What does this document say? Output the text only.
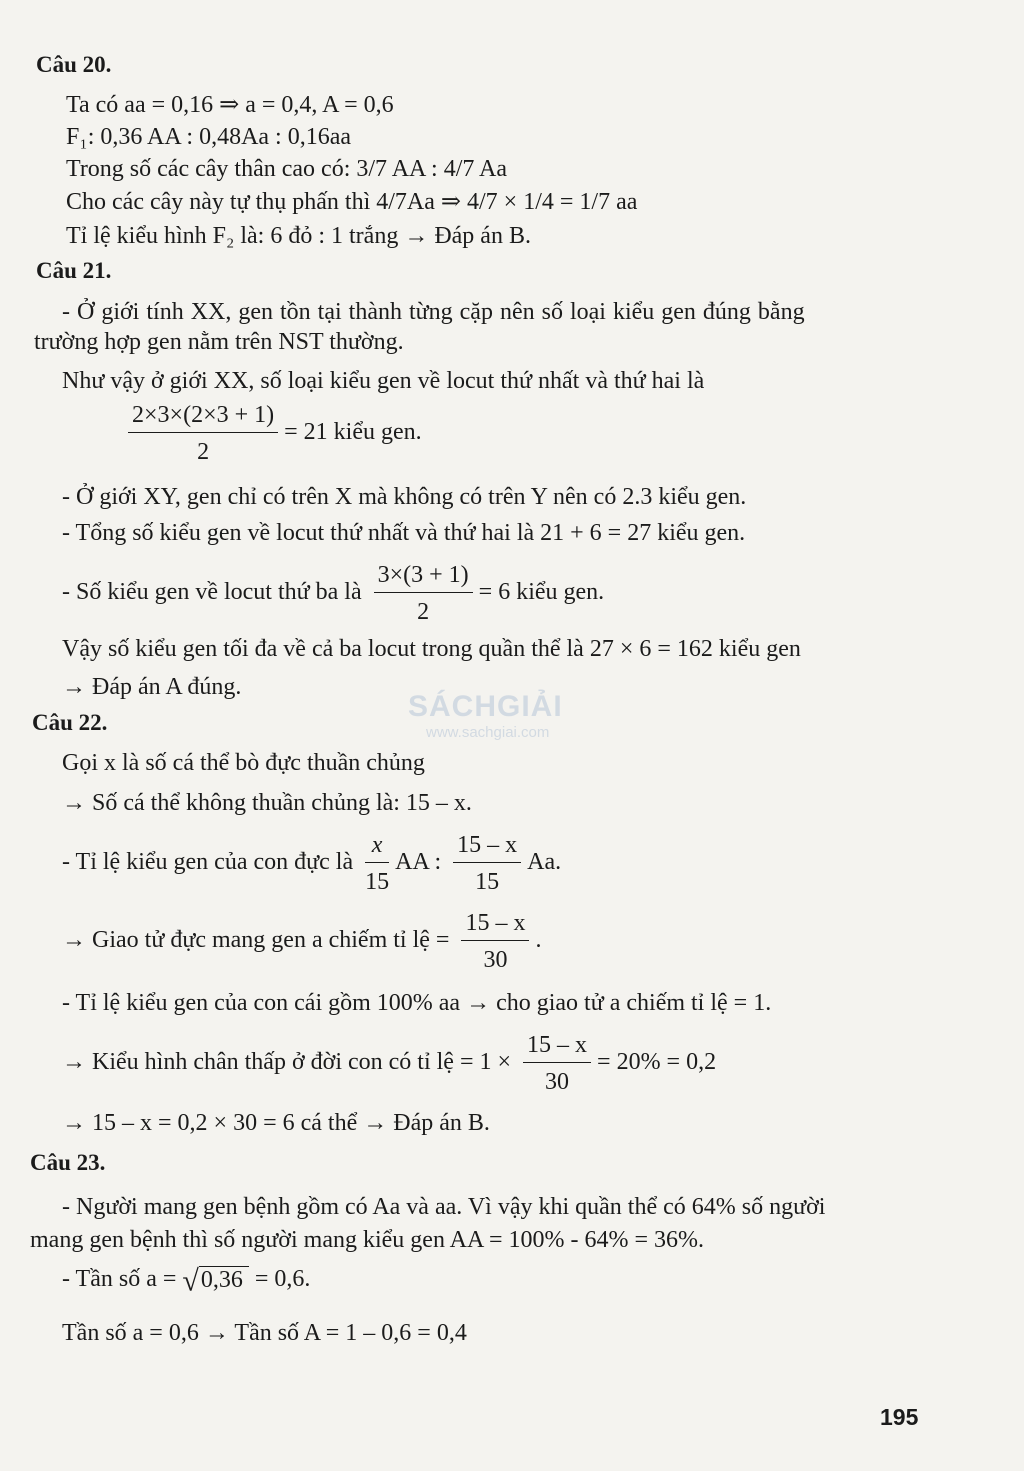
Câu 20.
Ta có aa = 0,16 ⇒ a = 0,4, A = 0,6
F₁: 0,36 AA : 0,48Aa : 0,16aa
Trong số các cây thân cao có: 3/7 AA : 4/7 Aa
Cho các cây này tự thụ phấn thì 4/7Aa ⇒ 4/7 × 1/4 = 1/7 aa
Tỉ lệ kiểu hình F₂ là: 6 đỏ : 1 trắng → Đáp án B.
Câu 21.
- Ở giới tính XX, gen tồn tại thành từng cặp nên số loại kiểu gen đúng bằng
trường hợp gen nằm trên NST thường.
Như vậy ở giới XX, số loại kiểu gen về locut thứ nhất và thứ hai là
$\frac{2\times 3\times(2\times 3 + 1)}{2} = 21$ kiểu gen.
- Ở giới XY, gen chỉ có trên X mà không có trên Y nên có 2.3 kiểu gen.
- Tổng số kiểu gen về locut thứ nhất và thứ hai là 21 + 6 = 27 kiểu gen.
- Số kiểu gen về locut thứ ba là $\frac{3\times(3 + 1)}{2} = 6$ kiểu gen.
Vậy số kiểu gen tối đa về cả ba locut trong quần thể là 27 × 6 = 162 kiểu gen
→ Đáp án A đúng.
SÁCHGIẢI
www.sachgiai.com
Câu 22.
Gọi x là số cá thể bò đực thuần chủng
→ Số cá thể không thuần chủng là: 15 – x.
- Tỉ lệ kiểu gen của con đực là $\frac{x}{15}$ AA : $\frac{15 - x}{15} Aa$.
→ Giao tử đực mang gen a chiếm tỉ lệ = $\frac{15 - x}{30}$ .
- Tỉ lệ kiểu gen của con cái gồm 100% aa → cho giao tử a chiếm tỉ lệ = 1.
→ Kiểu hình chân thấp ở đời con có tỉ lệ = $1 \times \frac{15 - x}{30} = 20\% = 0,2$
→ 15 – x = 0,2 × 30 = 6 cá thể → Đáp án B.
Câu 23.
- Người mang gen bệnh gồm có Aa và aa. Vì vậy khi quần thể có 64% số người
mang gen bệnh thì số người mang kiểu gen AA = 100% - 64% = 36%.
- Tần số a = √0,36 = 0,6.
Tần số a = 0,6 → Tần số A = 1 – 0,6 = 0,4
195
